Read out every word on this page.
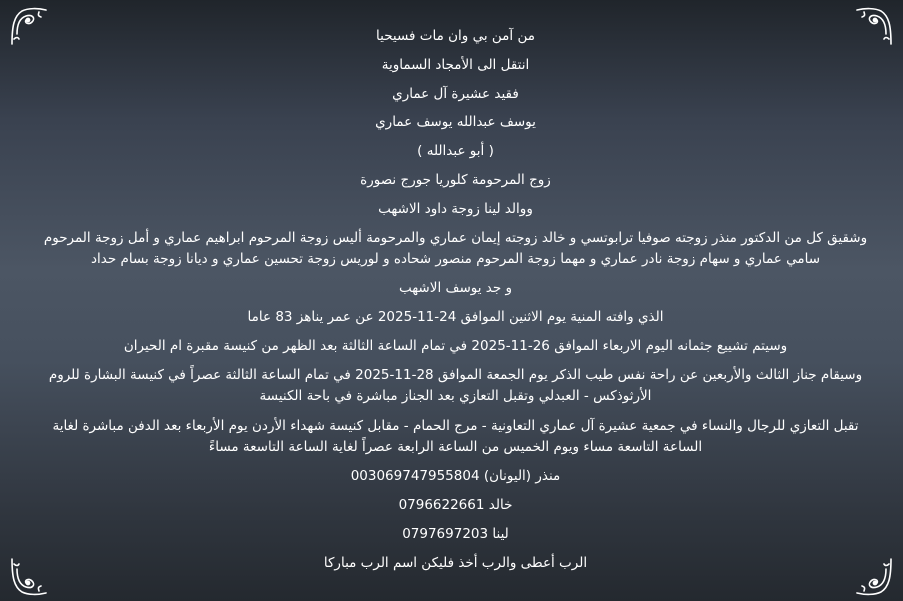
من آمن بي وان مات فسيحيا
انتقل الى الأمجاد السماوية
فقيد عشيرة آل عماري
يوسف عبدالله يوسف عماري
( أبو عبدالله )
زوج المرحومة كلوريا جورج نصورة
ووالد لينا زوجة داود الاشهب
وشقيق كل من الدكتور منذر زوجته صوفيا ترابوتسي و خالد زوجته إيمان عماري والمرحومة أليس زوجة المرحوم ابراهيم عماري و أمل زوجة المرحوم سامي عماري و سهام زوجة نادر عماري و مهما زوجة المرحوم منصور شحاده و لوريس زوجة تحسين عماري و ديانا زوجة بسام حداد
و جد يوسف الاشهب
الذي وافته المنية يوم الاثنين الموافق 24-11-2025 عن عمر يناهز 83 عاما
وسيتم تشييع جثمانه اليوم الاربعاء الموافق 26-11-2025 في تمام الساعة الثالثة بعد الظهر من كنيسة مقبرة ام الحيران
وسيقام جناز الثالث والأربعين عن راحة نفس طيب الذكر يوم الجمعة الموافق 28-11-2025 في تمام الساعة الثالثة عصراً في كنيسة البشارة للروم الأرثوذكس - العبدلي وتقبل التعازي بعد الجناز مباشرة في باحة الكنيسة
تقبل التعازي للرجال والنساء في جمعية عشيرة آل عماري التعاونية - مرج الحمام - مقابل كنيسة شهداء الأردن يوم الأربعاء بعد الدفن مباشرة لغاية الساعة التاسعة مساء ويوم الخميس من الساعة الرابعة عصراً لغاية الساعة التاسعة مساءً
منذر (اليونان) 003069747955804
خالد 0796622661
لينا 0797697203
الرب أعطى والرب أخذ فليكن اسم الرب مباركا
